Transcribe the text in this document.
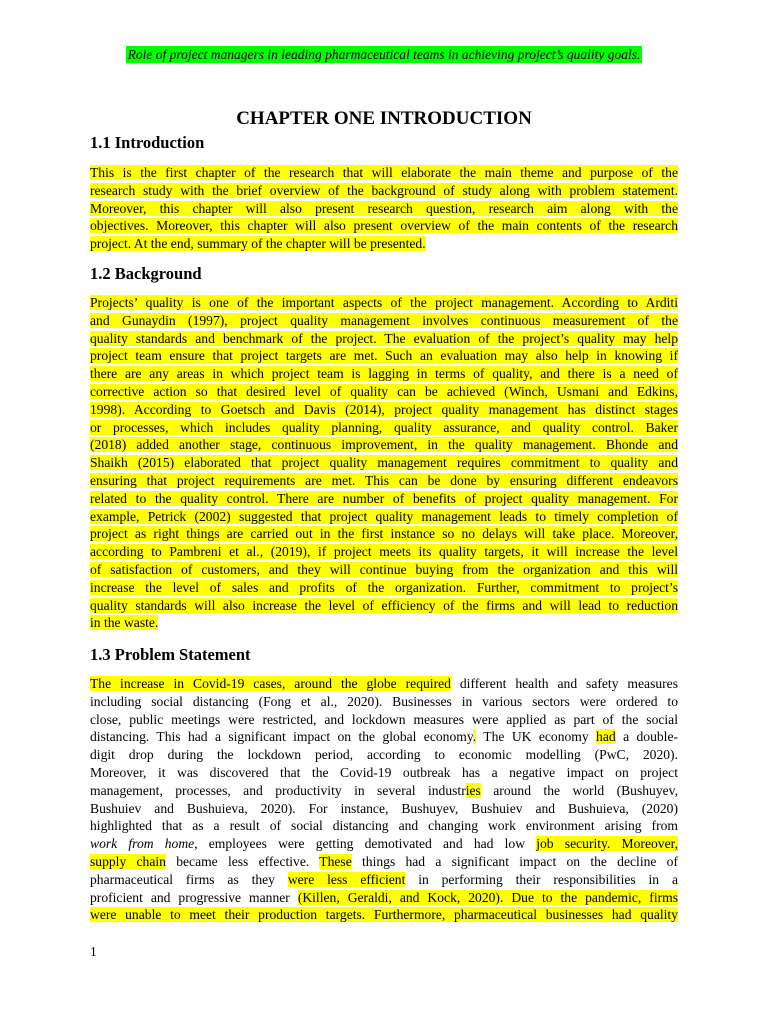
Role of project managers in leading pharmaceutical teams in achieving project’s quality goals.
CHAPTER ONE INTRODUCTION
1.1 Introduction
This is the first chapter of the research that will elaborate the main theme and purpose of the
research study with the brief overview of the background of study along with problem statement.
Moreover, this chapter will also present research question, research aim along with the
objectives. Moreover, this chapter will also present overview of the main contents of the research
project. At the end, summary of the chapter will be presented.
1.2 Background
Projects’ quality is one of the important aspects of the project management. According to Arditi
and Gunaydin (1997), project quality management involves continuous measurement of the
quality standards and benchmark of the project. The evaluation of the project’s quality may help
project team ensure that project targets are met. Such an evaluation may also help in knowing if
there are any areas in which project team is lagging in terms of quality, and there is a need of
corrective action so that desired level of quality can be achieved (Winch, Usmani and Edkins,
1998). According to Goetsch and Davis (2014), project quality management has distinct stages
or processes, which includes quality planning, quality assurance, and quality control. Baker
(2018) added another stage, continuous improvement, in the quality management. Bhonde and
Shaikh (2015) elaborated that project quality management requires commitment to quality and
ensuring that project requirements are met. This can be done by ensuring different endeavors
related to the quality control. There are number of benefits of project quality management. For
example, Petrick (2002) suggested that project quality management leads to timely completion of
project as right things are carried out in the first instance so no delays will take place. Moreover,
according to Pambreni et al., (2019), if project meets its quality targets, it will increase the level
of satisfaction of customers, and they will continue buying from the organization and this will
increase the level of sales and profits of the organization. Further, commitment to project’s
quality standards will also increase the level of efficiency of the firms and will lead to reduction
in the waste.
1.3 Problem Statement
The increase in Covid-19 cases, around the globe required different health and safety measures
including social distancing (Fong et al., 2020). Businesses in various sectors were ordered to
close, public meetings were restricted, and lockdown measures were applied as part of the social
distancing. This had a significant impact on the global economy. The UK economy had a double-
digit drop during the lockdown period, according to economic modelling (PwC, 2020).
Moreover, it was discovered that the Covid-19 outbreak has a negative impact on project
management, processes, and productivity in several industries around the world (Bushuyev,
Bushuiev and Bushuieva, 2020). For instance, Bushuyev, Bushuiev and Bushuieva, (2020)
highlighted that as a result of social distancing and changing work environment arising from
work from home, employees were getting demotivated and had low job security. Moreover,
supply chain became less effective. These things had a significant impact on the decline of
pharmaceutical firms as they were less efficient in performing their responsibilities in a
proficient and progressive manner (Killen, Geraldi, and Kock, 2020). Due to the pandemic, firms
were unable to meet their production targets. Furthermore, pharmaceutical businesses had quality
1
